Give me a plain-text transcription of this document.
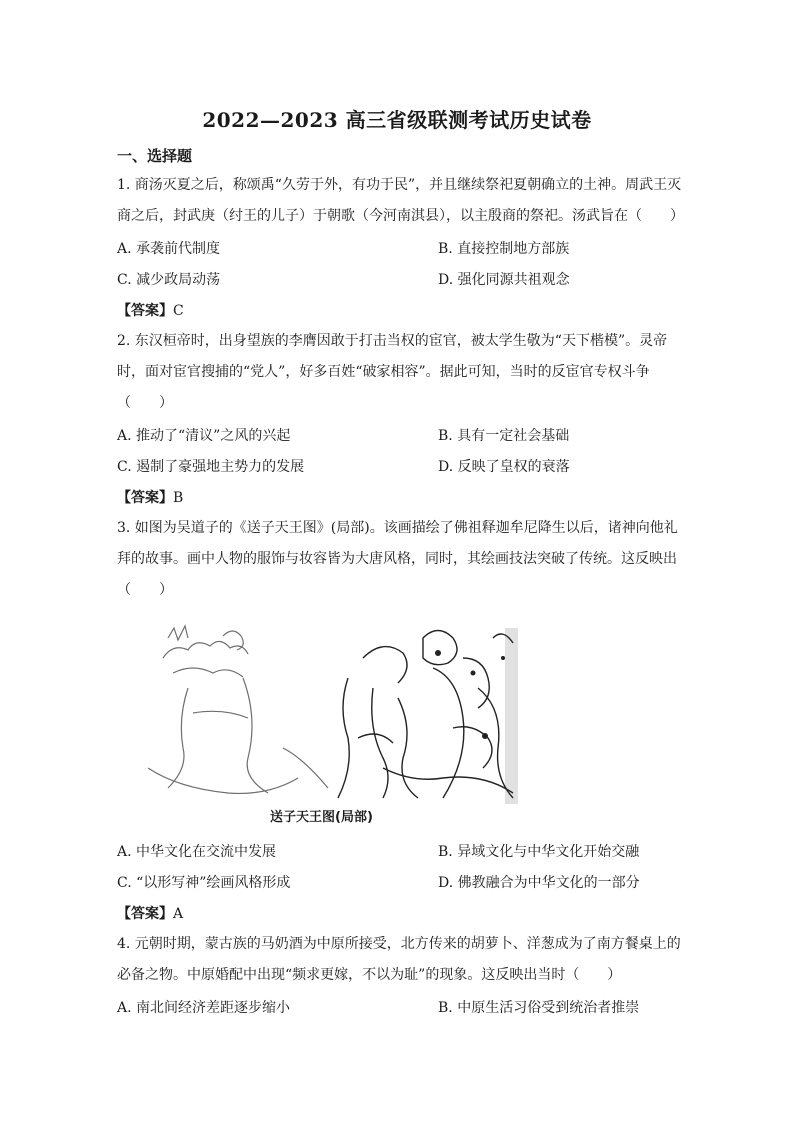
2022—2023 高三省级联测考试历史试卷
一、选择题
1. 商汤灭夏之后，称颂禹“久劳于外，有功于民”，并且继续祭祀夏朝确立的土神。周武王灭商之后，封武庚（纣王的儿子）于朝歌（今河南淇县），以主殷商的祭祀。汤武旨在（　　）
A. 承袭前代制度	B. 直接控制地方部族
C. 减少政局动荡	D. 强化同源共祖观念
【答案】C
2. 东汉桓帝时，出身望族的李膺因敢于打击当权的宦官，被太学生敬为“天下楷模”。灵帝时，面对宦官搜捕的“党人”，好多百姓“破家相容”。据此可知，当时的反宦官专权斗争（　　）
A. 推动了“清议”之风的兴起	B. 具有一定社会基础
C. 遏制了豪强地主势力的发展	D. 反映了皇权的衰落
【答案】B
3. 如图为吴道子的《送子天王图》(局部)。该画描绘了佛祖释迦牟尼降生以后，诸神向他礼拜的故事。画中人物的服饰与妆容皆为大唐风格，同时，其绘画技法突破了传统。这反映出（　　）
送子天王图(局部)
A. 中华文化在交流中发展	B. 异域文化与中华文化开始交融
C. “以形写神”绘画风格形成	D. 佛教融合为中华文化的一部分
【答案】A
4. 元朝时期，蒙古族的马奶酒为中原所接受，北方传来的胡萝卜、洋葱成为了南方餐桌上的必备之物。中原婚配中出现“频求更嫁，不以为耻”的现象。这反映出当时（　　）
A. 南北间经济差距逐步缩小	B. 中原生活习俗受到统治者推崇
